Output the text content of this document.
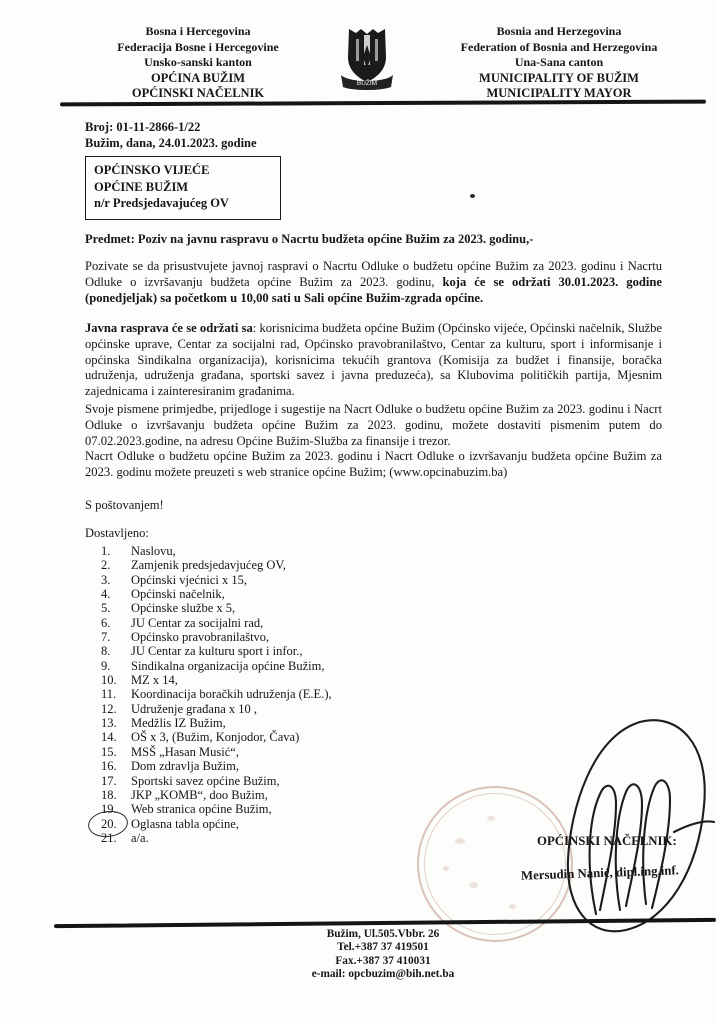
Bosna i Hercegovina
Federacija Bosne i Hercegovine
Unsko-sanski kanton
OPĆINA BUŽIM
OPĆINSKI NAČELNIK
BUŽIM
Bosnia and Herzegovina
Federation of Bosnia and Herzegovina
Una-Sana canton
MUNICIPALITY OF BUŽIM
MUNICIPALITY MAYOR
Broj: 01-11-2866-1/22
Bužim, dana, 24.01.2023. godine
OPĆINSKO VIJEĆE
OPĆINE BUŽIM
n/r Predsjedavajućeg OV
Predmet: Poziv na javnu raspravu o Nacrtu budžeta općine Bužim za 2023. godinu,-
Pozivate se da prisustvujete javnoj raspravi o Nacrtu Odluke o budžetu općine Bužim za 2023. godinu i Nacrtu Odluke o izvršavanju budžeta općine Bužim za 2023. godinu, koja će se održati 30.01.2023. godine (ponedjeljak) sa početkom u 10,00 sati u Sali općine Bužim-zgrada općine.
Javna rasprava će se održati sa: korisnicima budžeta općine Bužim (Općinsko vijeće, Općinski načelnik, Službe općinske uprave, Centar za socijalni rad, Općinsko pravobranilaštvo, Centar za kulturu, sport i informisanje i općinska Sindikalna organizacija), korisnicima tekućih grantova (Komisija za budžet i finansije, boračka udruženja, udruženja građana, sportski savez i javna preduzeća), sa Klubovima političkih partija, Mjesnim zajednicama i zainteresiranim građanima.
Svoje pismene primjedbe, prijedloge i sugestije na Nacrt Odluke o budžetu općine Bužim za 2023. godinu i Nacrt Odluke o izvršavanju budžeta općine Bužim za 2023. godinu, možete dostaviti pismenim putem do 07.02.2023.godine, na adresu Općine Bužim-Služba za finansije i trezor.
Nacrt Odluke o budžetu općine Bužim za 2023. godinu i Nacrt Odluke o izvršavanju budžeta općine Bužim za 2023. godinu možete preuzeti s web stranice općine Bužim; (www.opcinabuzim.ba)
S poštovanjem!
Dostavljeno:
1.	Naslovu,
2.	Zamjenik predsjedavjućeg OV,
3.	Općinski vjećnici x 15,
4.	Općinski načelnik,
5.	Općinske službe x 5,
6.	JU Centar za socijalni rad,
7.	Općinsko pravobranilaštvo,
8.	JU Centar za kulturu sport i infor.,
9.	Sindikalna organizacija općine Bužim,
10.	MZ x 14,
11.	Koordinacija boračkih udruženja (E.E.),
12.	Udruženje građana x 10 ,
13.	Medžlis IZ Bužim,
14.	OŠ x 3, (Bužim, Konjodor, Čava)
15.	MSŠ „Hasan Musić“,
16.	Dom zdravlja Bužim,
17.	Sportski savez općine Bužim,
18.	JKP „KOMB“, doo Bužim,
19.	Web stranica općine Bužim,
20.	Oglasna tabla općine,
21.	a/a.	OPĆINSKI NAČELNIK:
Mersudin Nanić, dipl.ing.inf.
Bužim, Ul.505.Vbbr. 26
Tel.+387 37 419501
Fax.+387 37 410031
e-mail: opcbuzim@bih.net.ba
